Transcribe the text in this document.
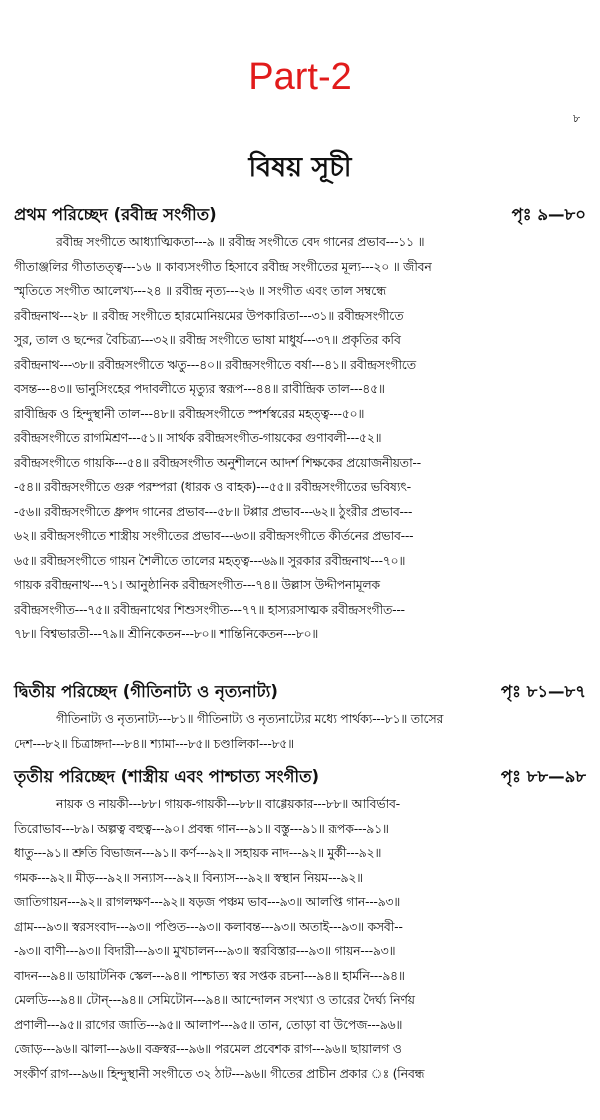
Part-2
৮
বিষয় সূচী
প্রথম পরিচ্ছেদ (রবীন্দ্র সংগীত)	পৃঃ ৯—৮০
রবীন্দ্র সংগীতে আধ্যাত্মিকতা---৯ ॥ রবীন্দ্র সংগীতে বেদ গানের প্রভাব---১১ ॥
গীতাঞ্জলির গীতাতত্ত্ব---১৬ ॥ কাব্যসংগীত হিসাবে রবীন্দ্র সংগীতের মূল্য---২০ ॥ জীবন
স্মৃতিতে সংগীত আলেখ্য---২৪ ॥ রবীন্দ্র নৃত্য---২৬ ॥ সংগীত এবং তাল সম্বন্ধে
রবীন্দ্রনাথ---২৮ ॥ রবীন্দ্র সংগীতে হারমোনিয়মের উপকারিতা---৩১॥ রবীন্দ্রসংগীতে
সুর, তাল ও ছন্দের বৈচিত্র্য---৩২॥ রবীন্দ্র সংগীতে ভাষা মাধুর্য---৩৭॥ প্রকৃতির কবি
রবীন্দ্রনাথ---৩৮॥ রবীন্দ্রসংগীতে ঋতু---৪০॥ রবীন্দ্রসংগীতে বর্ষা---৪১॥ রবীন্দ্রসংগীতে
বসন্ত---৪৩॥ ভানুসিংহের পদাবলীতে মৃত্যুর স্বরূপ---৪৪॥ রাবীন্দ্রিক তাল---৪৫॥
রাবীন্দ্রিক ও হিন্দুস্থানী তাল---৪৮॥ রবীন্দ্রসংগীতে স্পর্শস্বরের মহত্ত্ব---৫০॥
রবীন্দ্রসংগীতে রাগমিশ্রণ---৫১॥ সার্থক রবীন্দ্রসংগীত-গায়কের গুণাবলী---৫২॥
রবীন্দ্রসংগীতে গায়কি---৫৪॥ রবীন্দ্রসংগীত অনুশীলনে আদর্শ শিক্ষকের প্রয়োজনীয়তা--
-৫৪॥ রবীন্দ্রসংগীতে গুরু পরম্পরা (ধারক ও বাহক)---৫৫॥ রবীন্দ্রসংগীতের ভবিষ্যৎ-
-৫৬॥ রবীন্দ্রসংগীতে ধ্রুপদ গানের প্রভাব---৫৮॥ টপ্পার প্রভাব---৬২॥ ঠুংরীর প্রভাব---
৬২॥ রবীন্দ্রসংগীতে শাস্ত্রীয় সংগীতের প্রভাব---৬৩॥ রবীন্দ্রসংগীতে কীর্তনের প্রভাব---
৬৫॥ রবীন্দ্রসংগীতে গায়ন শৈলীতে তালের মহত্ত্ব---৬৯॥ সুরকার রবীন্দ্রনাথ---৭০॥
গায়ক রবীন্দ্রনাথ---৭১। আনুষ্ঠানিক রবীন্দ্রসংগীত---৭৪॥ উল্লাস উদ্দীপনামূলক
রবীন্দ্রসংগীত---৭৫॥ রবীন্দ্রনাথের শিশুসংগীত---৭৭॥ হাস্যরসাত্মক রবীন্দ্রসংগীত---
৭৮॥ বিশ্বভারতী---৭৯॥ শ্রীনিকেতন---৮০॥ শান্তিনিকেতন---৮০॥
দ্বিতীয় পরিচ্ছেদ (গীতিনাট্য ও নৃত্যনাট্য)	পৃঃ ৮১—৮৭
গীতিনাট্য ও নৃত্যনাট্য---৮১॥ গীতিনাট্য ও নৃত্যনাট্যের মধ্যে পার্থক্য---৮১॥ তাসের
দেশ---৮২॥ চিত্রাঙ্গদা---৮৪॥ শ্যামা---৮৫॥ চণ্ডালিকা---৮৫॥
তৃতীয় পরিচ্ছেদ (শাস্ত্রীয় এবং পাশ্চাত্য সংগীত)	পৃঃ ৮৮—৯৮
নায়ক ও নায়কী---৮৮। গায়ক-গায়কী---৮৮॥ বাগ্গেয়কার---৮৮॥ আবির্ভাব-
তিরোভাব---৮৯। অল্পত্ব বহুত্ব---৯০। প্রবন্ধ গান---৯১॥ বস্তু---৯১॥ রূপক---৯১॥
ধাতু---৯১॥ শ্রুতি বিভাজন---৯১॥ কর্ণ---৯২॥ সহায়ক নাদ---৯২॥ মুর্কী---৯২॥
গমক---৯২॥ মীড়---৯২॥ সন্যাস---৯২॥ বিন্যাস---৯২॥ স্বস্থান নিয়ম---৯২॥
জাতিগায়ন---৯২॥ রাগলক্ষণ---৯২॥ ষড়জ পঞ্চম ভাব---৯৩॥ আলপ্তি গান---৯৩॥
গ্রাম---৯৩॥ স্বরসংবাদ---৯৩॥ পণ্ডিত---৯৩॥ কলাবন্ত---৯৩॥ অতাই---৯৩॥ কসবী--
-৯৩॥ বাণী---৯৩॥ বিদারী---৯৩॥ মুখচালন---৯৩॥ স্বরবিস্তার---৯৩॥ গায়ন---৯৩॥
বাদন---৯৪॥ ডায়াটনিক স্কেল---৯৪॥ পাশ্চাত্য স্বর সপ্তক রচনা---৯৪॥ হার্মনি---৯৪॥
মেলডি---৯৪॥ টোন্---৯৪॥ সেমিটোন---৯৪॥ আন্দোলন সংখ্যা ও তারের দৈর্ঘ্য নির্ণয়
প্রণালী---৯৫॥ রাগের জাতি---৯৫॥ আলাপ---৯৫॥ তান, তোড়া বা উপেজ---৯৬॥
জোড়---৯৬॥ ঝালা---৯৬॥ বক্রস্বর---৯৬॥ পরমেল প্রবেশক রাগ---৯৬॥ ছায়ালগ ও
সংকীর্ণ রাগ---৯৬॥ হিন্দুস্থানী সংগীতে ৩২ ঠাট---৯৬॥ গীতের প্রাচীন প্রকার ঃ (নিবন্ধ
